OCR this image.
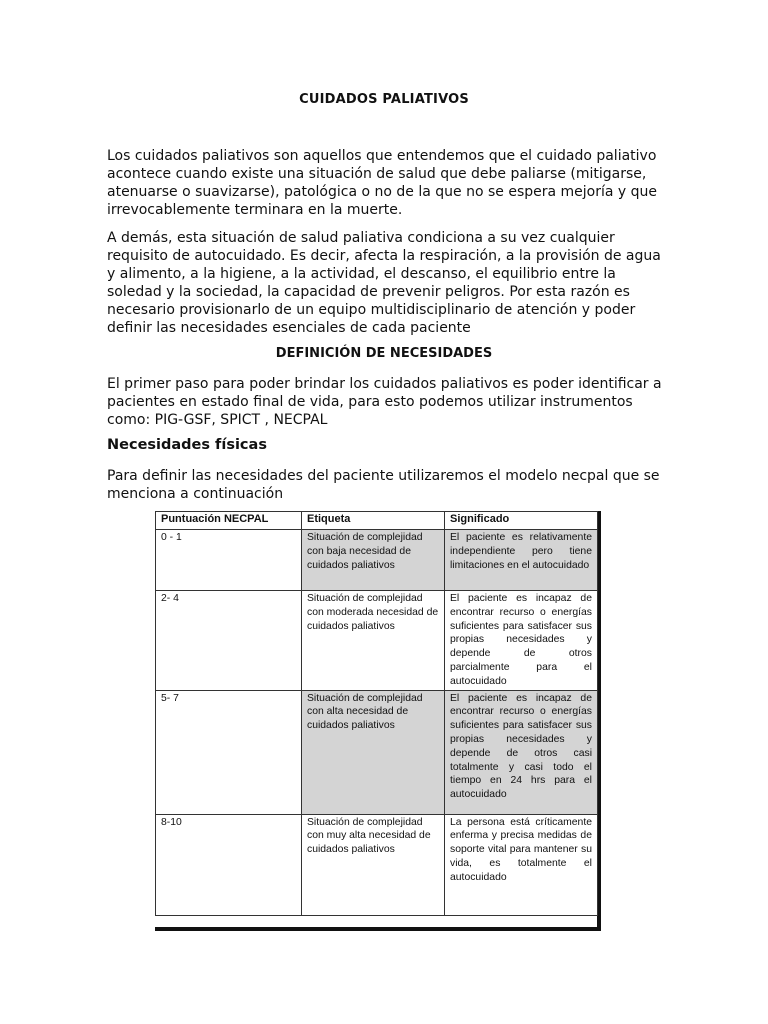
CUIDADOS PALIATIVOS

Los cuidados paliativos son aquellos que entendemos que el cuidado paliativo acontece cuando existe una situación de salud que debe paliarse (mitigarse, atenuarse o suavizarse), patológica o no de la que no se espera mejoría y que irrevocablemente terminara en la muerte.

A demás, esta situación de salud paliativa condiciona a su vez cualquier requisito de autocuidado. Es decir, afecta la respiración, a la provisión de agua y alimento, a la higiene, a la actividad, el descanso, el equilibrio entre la soledad y la sociedad, la capacidad de prevenir peligros. Por esta razón es necesario provisionarlo de un equipo multidisciplinario de atención y poder definir las necesidades esenciales de cada paciente

DEFINICIÓN DE NECESIDADES

El primer paso para poder brindar los cuidados paliativos es poder identificar a pacientes en estado final de vida, para esto podemos utilizar instrumentos como: PIG-GSF, SPICT , NECPAL

Necesidades físicas

Para definir las necesidades del paciente utilizaremos el modelo necpal que se menciona a continuación

Puntuación NECPAL	Etiqueta	Significado
0 - 1	Situación de complejidad con baja necesidad de cuidados paliativos	El paciente es relativamente independiente pero tiene limitaciones en el autocuidado
2- 4	Situación de complejidad con moderada necesidad de cuidados paliativos	El paciente es incapaz de encontrar recurso o energías suficientes para satisfacer sus propias necesidades y depende de otros parcialmente para el autocuidado
5- 7	Situación de complejidad con alta necesidad de cuidados paliativos	El paciente es incapaz de encontrar recurso o energías suficientes para satisfacer sus propias necesidades y depende de otros casi totalmente y casi todo el tiempo en 24 hrs para el autocuidado
8-10	Situación de complejidad con muy alta necesidad de cuidados paliativos	La persona está críticamente enferma y precisa medidas de soporte vital para mantener su vida, es totalmente el autocuidado
